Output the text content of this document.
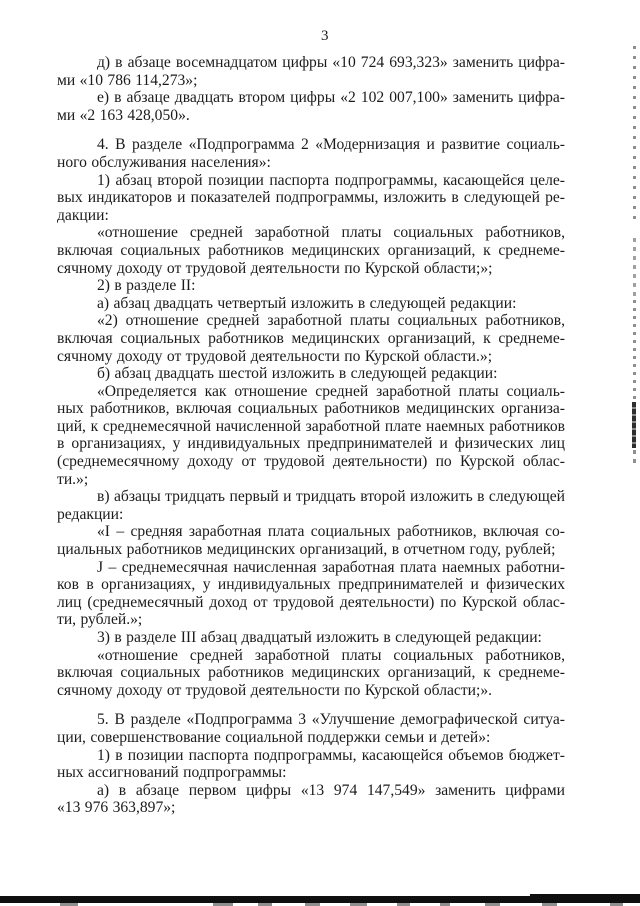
3
д) в абзаце восемнадцатом цифры «10 724 693,323» заменить цифра-
ми «10 786 114,273»;
е) в абзаце двадцать втором цифры «2 102 007,100» заменить цифра-
ми «2 163 428,050».
4. В разделе «Подпрограмма 2 «Модернизация и развитие социаль-
ного обслуживания населения»:
1) абзац второй позиции паспорта подпрограммы, касающейся целе-
вых индикаторов и показателей подпрограммы, изложить в следующей ре-
дакции:
«отношение средней заработной платы социальных работников,
включая социальных работников медицинских организаций, к среднеме-
сячному доходу от трудовой деятельности по Курской области;»;
2) в разделе II:
а) абзац двадцать четвертый изложить в следующей редакции:
«2) отношение средней заработной платы социальных работников,
включая социальных работников медицинских организаций, к среднеме-
сячному доходу от трудовой деятельности по Курской области.»;
б) абзац двадцать шестой изложить в следующей редакции:
«Определяется как отношение средней заработной платы социаль-
ных работников, включая социальных работников медицинских организа-
ций, к среднемесячной начисленной заработной плате наемных работников
в организациях, у индивидуальных предпринимателей и физических лиц
(среднемесячному доходу от трудовой деятельности) по Курской облас-
ти.»;
в) абзацы тридцать первый и тридцать второй изложить в следующей
редакции:
«I – средняя заработная плата социальных работников, включая со-
циальных работников медицинских организаций, в отчетном году, рублей;
J – среднемесячная начисленная заработная плата наемных работни-
ков в организациях, у индивидуальных предпринимателей и физических
лиц (среднемесячный доход от трудовой деятельности) по Курской облас-
ти, рублей.»;
3) в разделе III абзац двадцатый изложить в следующей редакции:
«отношение средней заработной платы социальных работников,
включая социальных работников медицинских организаций, к среднеме-
сячному доходу от трудовой деятельности по Курской области;».
5. В разделе «Подпрограмма 3 «Улучшение демографической ситуа-
ции, совершенствование социальной поддержки семьи и детей»:
1) в позиции паспорта подпрограммы, касающейся объемов бюджет-
ных ассигнований подпрограммы:
а) в абзаце первом цифры «13 974 147,549» заменить цифрами
«13 976 363,897»;
